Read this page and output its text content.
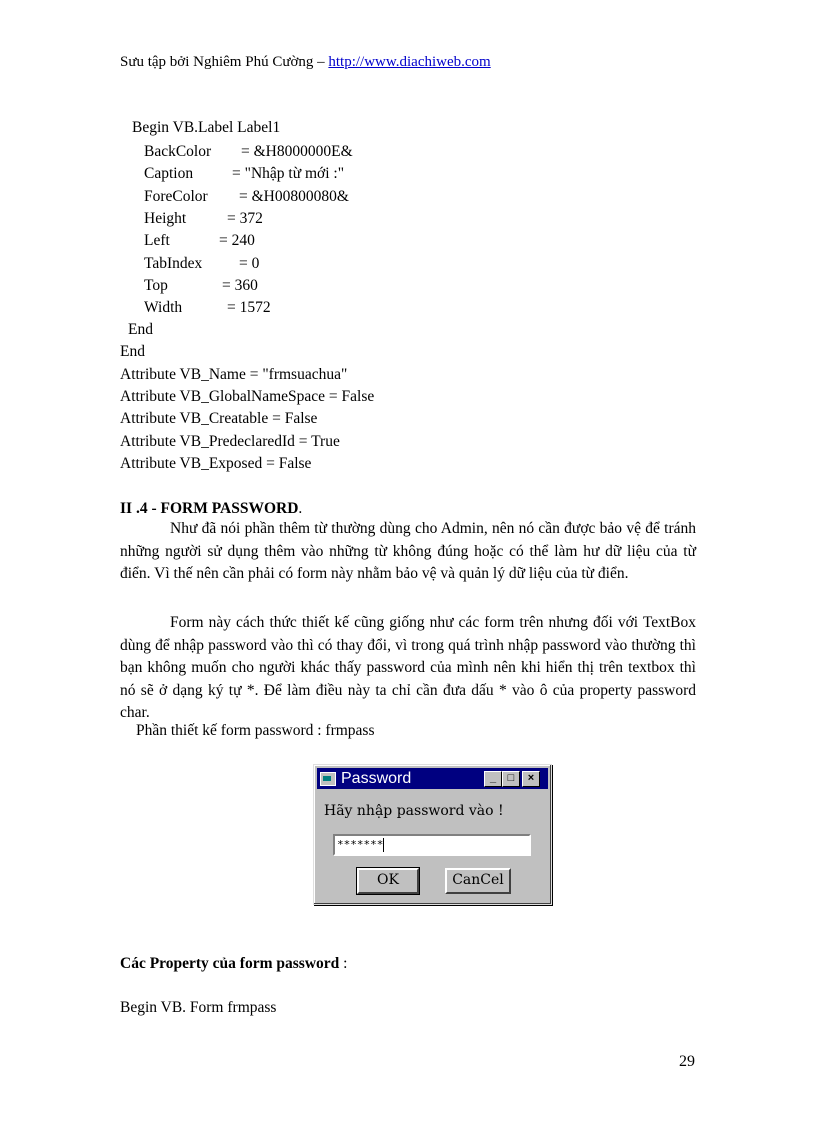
Sưu tập bởi Nghiêm Phú Cường – http://www.diachiweb.com
Begin VB.Label Label1
BackColor = &H8000000E&
Caption	= "Nhập từ mới :"
ForeColor = &H00800080&
Height	= 372
Left	= 240
TabIndex = 0
Top	= 360
Width	= 1572
End
End
Attribute VB_Name = "frmsuachua"
Attribute VB_GlobalNameSpace = False
Attribute VB_Creatable = False
Attribute VB_PredeclaredId = True
Attribute VB_Exposed = False
II .4 - FORM PASSWORD.
Như đã nói phần thêm từ thường dùng cho Admin, nên nó cần được bảo vệ để tránh những người sử dụng thêm vào những từ không đúng hoặc có thể làm hư dữ liệu của từ điển. Vì thế nên cần phải có form này nhằm bảo vệ và quản lý dữ liệu của từ điển.
Form này cách thức thiết kế cũng giống như các form trên nhưng đối với TextBox dùng để nhập password vào thì có thay đổi, vì trong quá trình nhập password vào thường thì bạn không muốn cho người khác thấy password của mình nên khi hiển thị trên textbox thì nó sẽ ở dạng ký tự *. Để làm điều này ta chỉ cần đưa dấu * vào ô của property password char.
Phần thiết kế form password : frmpass
Password	_	□	×
Hãy nhập password vào !
*******
OK	CanCel
Các Property của form password :
Begin VB. Form frmpass
29
